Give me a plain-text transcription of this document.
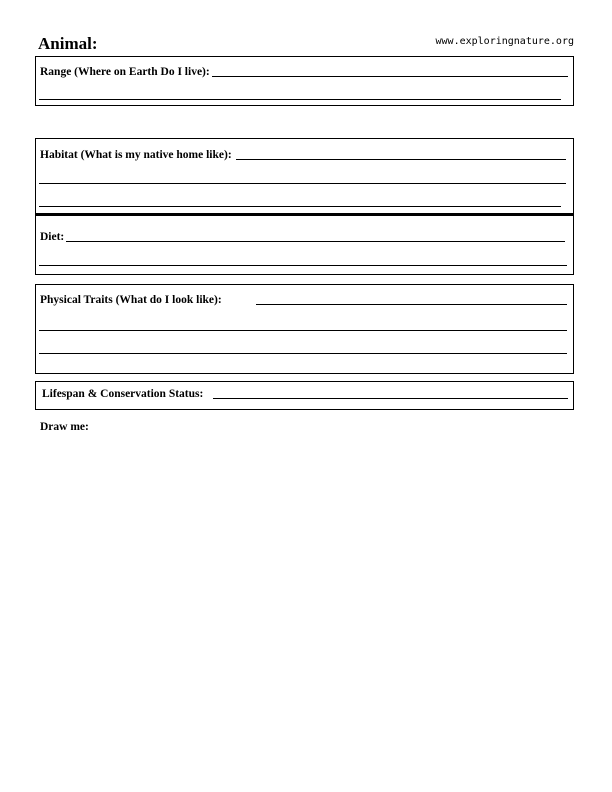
Animal:	www.exploringnature.org
Range (Where on Earth Do I live):
Habitat (What is my native home like):
Diet:
Physical Traits (What do I look like):
Lifespan & Conservation Status:
Draw me:
